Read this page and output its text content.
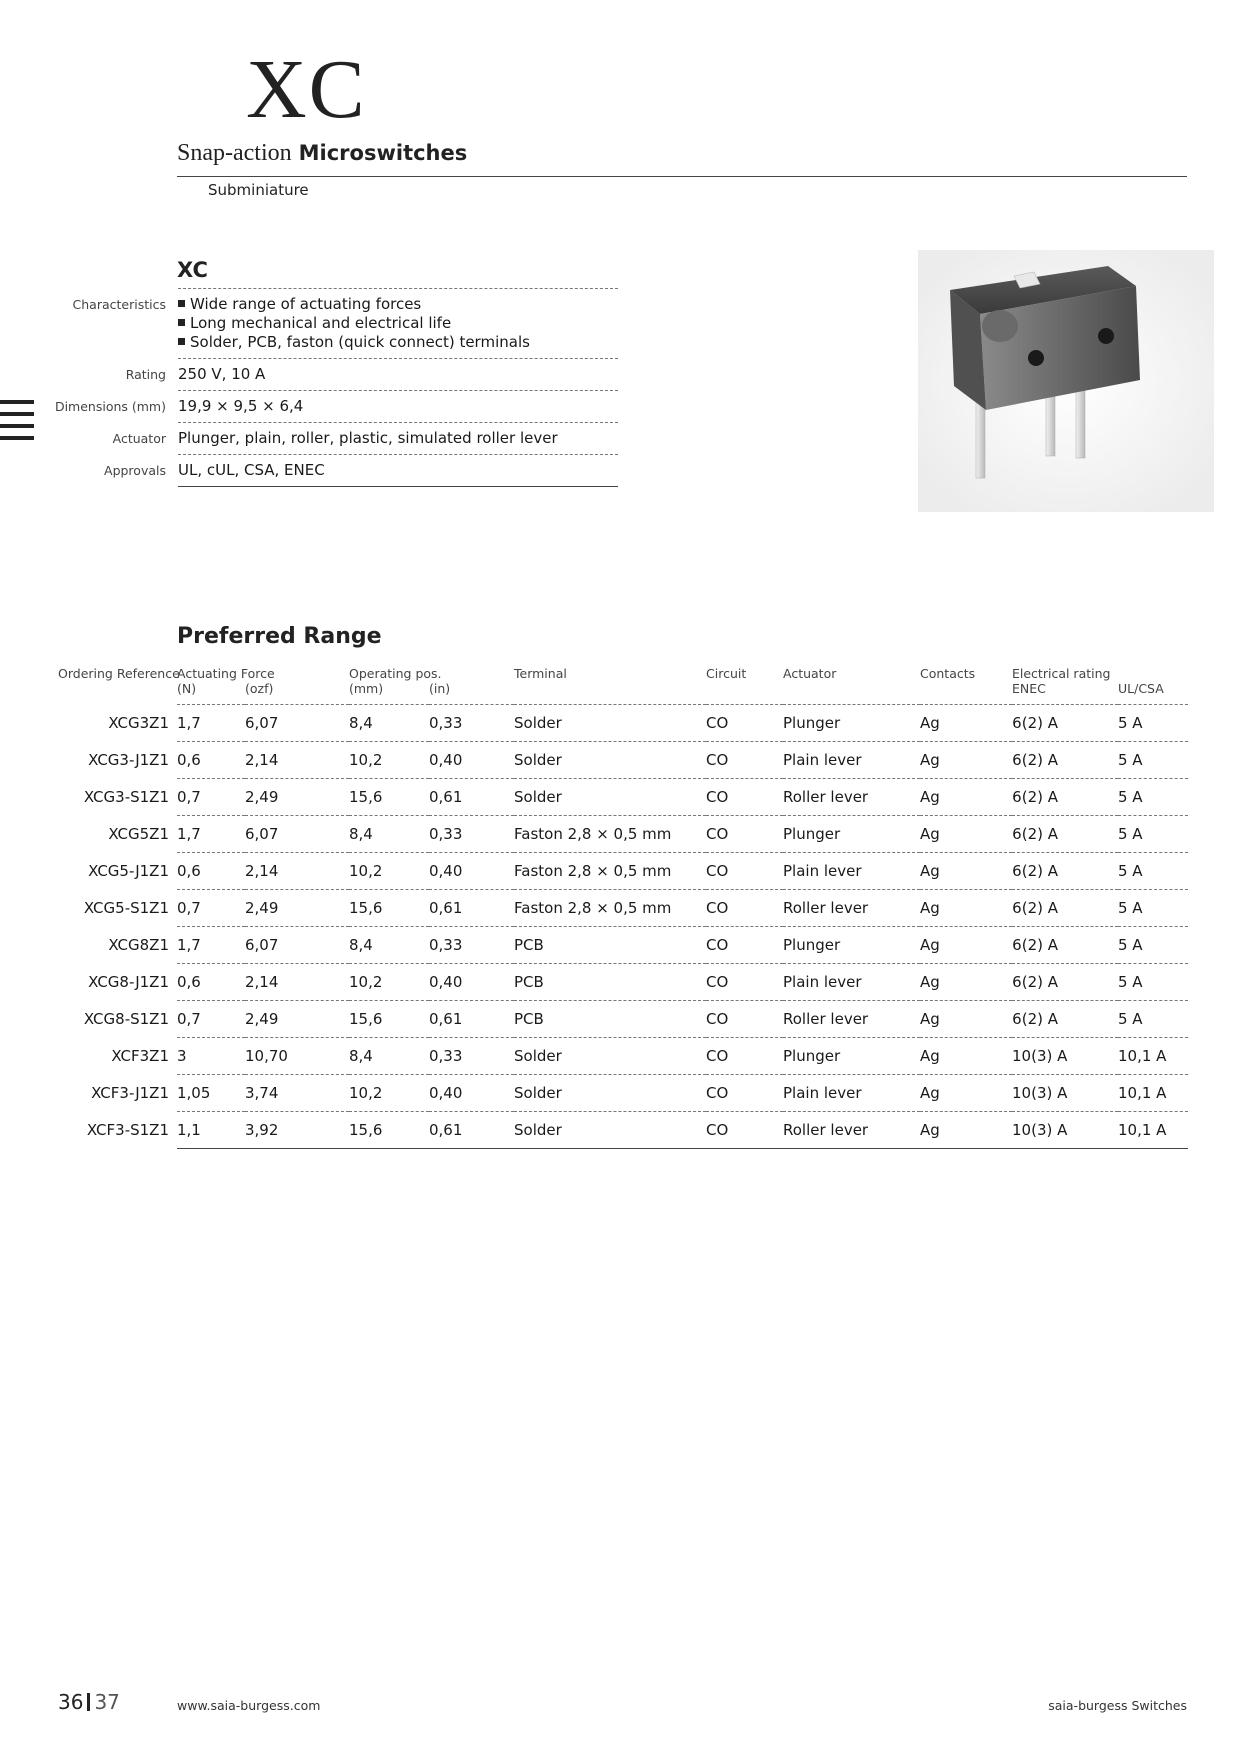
XC
Snap-action Microswitches
Subminiature
XC
Characteristics	Wide range of actuating forces
Long mechanical and electrical life
Solder, PCB, faston (quick connect) terminals

Rating	250 V, 10 A
Dimensions (mm)	19,9 × 9,5 × 6,4
Actuator	Plunger, plain, roller, plastic, simulated roller lever
Approvals	UL, cUL, CSA, ENEC
Preferred Range
Ordering Reference	Actuating Force
(N)	(ozf)	Operating pos.
(mm)	(in)	Terminal	Circuit	Actuator	Contacts	Electrical rating
ENEC	UL/CSA
XCG3Z1	1,7	6,07	8,4	0,33	Solder	CO	Plunger	Ag	6(2) A	5 A
XCG3-J1Z1	0,6	2,14	10,2	0,40	Solder	CO	Plain lever	Ag	6(2) A	5 A
XCG3-S1Z1	0,7	2,49	15,6	0,61	Solder	CO	Roller lever	Ag	6(2) A	5 A
XCG5Z1	1,7	6,07	8,4	0,33	Faston 2,8 × 0,5 mm	CO	Plunger	Ag	6(2) A	5 A
XCG5-J1Z1	0,6	2,14	10,2	0,40	Faston 2,8 × 0,5 mm	CO	Plain lever	Ag	6(2) A	5 A
XCG5-S1Z1	0,7	2,49	15,6	0,61	Faston 2,8 × 0,5 mm	CO	Roller lever	Ag	6(2) A	5 A
XCG8Z1	1,7	6,07	8,4	0,33	PCB	CO	Plunger	Ag	6(2) A	5 A
XCG8-J1Z1	0,6	2,14	10,2	0,40	PCB	CO	Plain lever	Ag	6(2) A	5 A
XCG8-S1Z1	0,7	2,49	15,6	0,61	PCB	CO	Roller lever	Ag	6(2) A	5 A
XCF3Z1	3	10,70	8,4	0,33	Solder	CO	Plunger	Ag	10(3) A	10,1 A
XCF3-J1Z1	1,05	3,74	10,2	0,40	Solder	CO	Plain lever	Ag	10(3) A	10,1 A
XCF3-S1Z1	1,1	3,92	15,6	0,61	Solder	CO	Roller lever	Ag	10(3) A	10,1 A
36 37	www.saia-burgess.com	saia-burgess Switches
